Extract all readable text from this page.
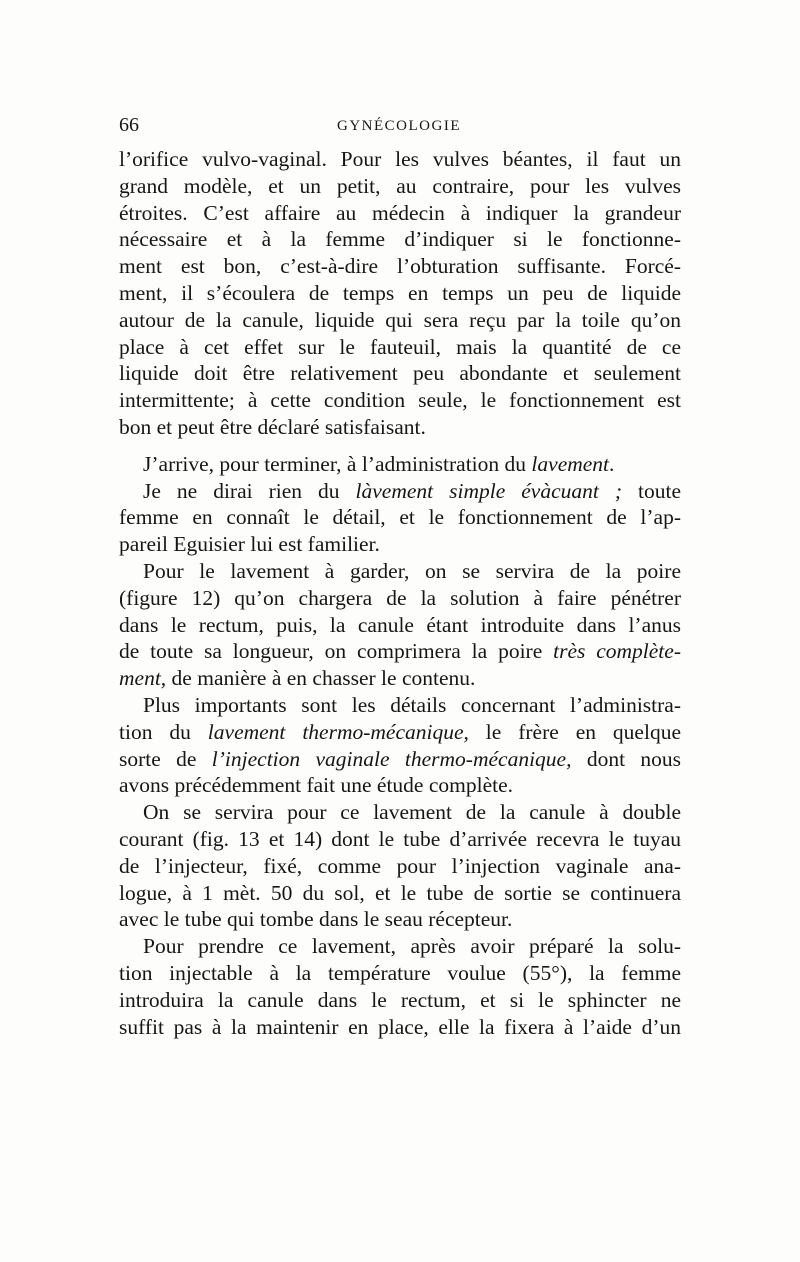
66	GYNÉCOLOGIE
l’orifice vulvo-vaginal. Pour les vulves béantes, il faut un
grand modèle, et un petit, au contraire, pour les vulves
étroites. C’est affaire au médecin à indiquer la grandeur
nécessaire et à la femme d’indiquer si le fonctionne-
ment est bon, c’est-à-dire l’obturation suffisante. Forcé-
ment, il s’écoulera de temps en temps un peu de liquide
autour de la canule, liquide qui sera reçu par la toile qu’on
place à cet effet sur le fauteuil, mais la quantité de ce
liquide doit être relativement peu abondante et seulement
intermittente; à cette condition seule, le fonctionnement est
bon et peut être déclaré satisfaisant.
J’arrive, pour terminer, à l’administration du lavement.
Je ne dirai rien du làvement simple évàcuant ; toute
femme en connaît le détail, et le fonctionnement de l’ap-
pareil Eguisier lui est familier.
Pour le lavement à garder, on se servira de la poire
(figure 12) qu’on chargera de la solution à faire pénétrer
dans le rectum, puis, la canule étant introduite dans l’anus
de toute sa longueur, on comprimera la poire très complète-
ment, de manière à en chasser le contenu.
Plus importants sont les détails concernant l’administra-
tion du lavement thermo-mécanique, le frère en quelque
sorte de l’injection vaginale thermo-mécanique, dont nous
avons précédemment fait une étude complète.
On se servira pour ce lavement de la canule à double
courant (fig. 13 et 14) dont le tube d’arrivée recevra le tuyau
de l’injecteur, fixé, comme pour l’injection vaginale ana-
logue, à 1 mèt. 50 du sol, et le tube de sortie se continuera
avec le tube qui tombe dans le seau récepteur.
Pour prendre ce lavement, après avoir préparé la solu-
tion injectable à la température voulue (55°), la femme
introduira la canule dans le rectum, et si le sphincter ne
suffit pas à la maintenir en place, elle la fixera à l’aide d’un
